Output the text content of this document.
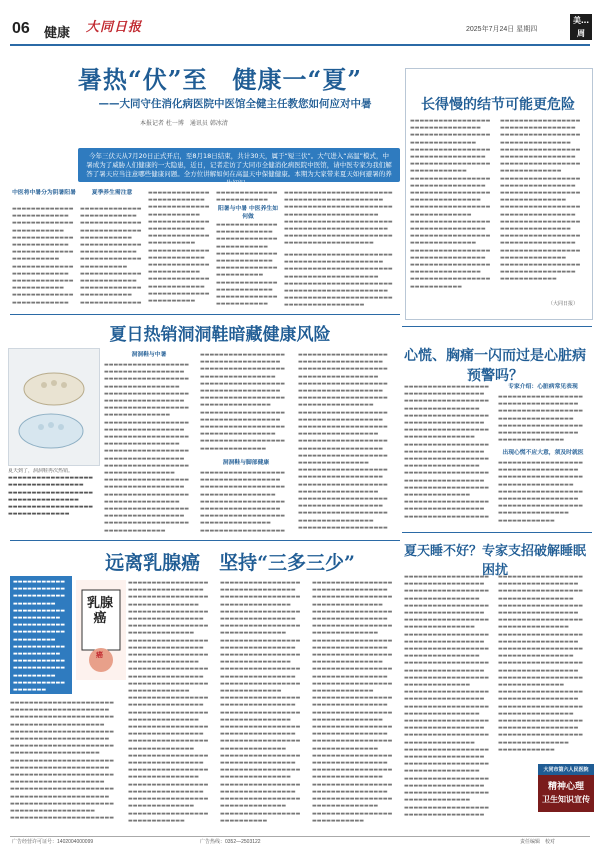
06 健康 大同日报	2025年7月24日 星期四
美…周
暑热“伏”至　健康一“夏”
——大同守住消化病医院中医馆全健主任教您如何应对中暑
本报记者 杜一博　通讯员 韩冰清

今年三伏天从7月20日正式开启，至8月18日结束，共计30天，属于“短三伏”。大气进入“高温”模式，中暑成为了威胁人们健康的一大隐患，近日，记者走访了大同市全健消化病医院中医馆，请中医专家为我们解答了暑天应当注意哪些健康问题。全方位讲解如何在高温天中保健健康。本期为大家带来夏天如何避暑的养生知识。

长得慢的结节可能更危险
▬▬▬▬▬▬▬▬▬▬▬▬▬▬▬▬▬
▬▬▬▬▬▬▬▬▬▬▬▬▬▬▬
▬▬▬▬▬▬▬▬▬▬▬▬▬▬▬▬▬
▬▬▬▬▬▬▬▬▬▬▬▬▬▬
▬▬▬▬▬▬▬▬▬▬▬▬▬▬▬▬▬
▬▬▬▬▬▬▬▬▬▬▬▬▬▬▬▬
▬▬▬▬▬▬▬▬▬▬▬▬▬▬▬▬▬
▬▬▬▬▬▬▬▬▬▬▬▬
▬▬▬▬▬▬▬▬▬▬▬▬▬▬▬▬▬
▬▬▬▬▬▬▬▬▬▬▬▬▬▬▬▬
▬▬▬▬▬▬▬▬▬▬▬▬▬▬▬▬▬
▬▬▬▬▬▬▬▬▬▬▬▬▬▬▬
▬▬▬▬▬▬▬▬▬▬▬▬▬▬▬▬▬
▬▬▬▬▬▬▬▬▬▬▬▬▬
▬▬▬▬▬▬▬▬▬▬▬▬▬▬▬▬▬
▬▬▬▬▬▬▬▬▬▬▬▬▬▬▬▬
▬▬▬▬▬▬▬▬▬▬▬▬▬▬▬▬▬
▬▬▬▬▬▬▬▬▬▬▬▬▬▬
▬▬▬▬▬▬▬▬▬▬▬▬▬▬▬▬▬
▬▬▬▬▬▬▬▬▬▬▬▬▬▬▬▬
▬▬▬▬▬▬▬▬▬▬▬▬▬▬▬▬▬
▬▬▬▬▬▬▬▬▬▬▬▬▬▬▬
▬▬▬▬▬▬▬▬▬▬▬▬▬▬▬▬▬
▬▬▬▬▬▬▬▬▬▬▬
▬▬▬▬▬▬▬▬▬▬▬▬▬▬▬▬▬
▬▬▬▬▬▬▬▬▬▬▬▬▬▬▬▬
▬▬▬▬▬▬▬▬▬▬▬▬▬▬▬▬▬
▬▬▬▬▬▬▬▬▬▬▬▬▬▬▬
▬▬▬▬▬▬▬▬▬▬▬▬▬▬▬▬▬
▬▬▬▬▬▬▬▬▬▬▬▬▬▬▬▬
▬▬▬▬▬▬▬▬▬▬▬▬▬▬▬▬▬
▬▬▬▬▬▬▬▬▬▬▬▬▬
▬▬▬▬▬▬▬▬▬▬▬▬▬▬▬▬▬
▬▬▬▬▬▬▬▬▬▬▬▬▬▬▬▬
▬▬▬▬▬▬▬▬▬▬▬▬▬▬▬▬▬
▬▬▬▬▬▬▬▬▬▬▬▬▬▬
▬▬▬▬▬▬▬▬▬▬▬▬▬▬▬▬▬
▬▬▬▬▬▬▬▬▬▬▬▬▬▬▬▬
▬▬▬▬▬▬▬▬▬▬▬▬▬▬▬▬▬
▬▬▬▬▬▬▬▬▬▬▬▬▬▬▬
▬▬▬▬▬▬▬▬▬▬▬▬▬▬▬▬▬
▬▬▬▬▬▬▬▬▬▬▬▬▬▬▬▬
▬▬▬▬▬▬▬▬▬▬▬▬▬▬▬▬▬
▬▬▬▬▬▬▬▬▬▬▬▬▬▬
▬▬▬▬▬▬▬▬▬▬▬▬▬▬▬▬▬
▬▬▬▬▬▬▬▬▬▬▬▬▬▬▬▬
▬▬▬▬▬▬▬▬▬▬▬▬
（大同日报）
中医将中暑分为阴暑阳暑
▬▬▬▬▬▬▬▬▬▬▬▬▬
▬▬▬▬▬▬▬▬▬▬▬▬
▬▬▬▬▬▬▬▬▬▬▬▬▬
▬▬▬▬▬▬▬▬▬▬▬
▬▬▬▬▬▬▬▬▬▬▬▬▬
▬▬▬▬▬▬▬▬▬▬▬▬
▬▬▬▬▬▬▬▬▬▬▬▬▬
▬▬▬▬▬▬▬▬▬▬
▬▬▬▬▬▬▬▬▬▬▬▬▬
▬▬▬▬▬▬▬▬▬▬▬▬
▬▬▬▬▬▬▬▬▬▬▬▬▬
▬▬▬▬▬▬▬▬▬▬▬
▬▬▬▬▬▬▬▬▬▬▬▬▬
▬▬▬▬▬▬▬▬▬▬▬▬
夏季养生需注意
▬▬▬▬▬▬▬▬▬▬▬▬▬
▬▬▬▬▬▬▬▬▬▬▬▬
▬▬▬▬▬▬▬▬▬▬▬▬▬
▬▬▬▬▬▬▬▬▬▬▬▬▬
▬▬▬▬▬▬▬▬▬▬▬
▬▬▬▬▬▬▬▬▬▬▬▬▬
▬▬▬▬▬▬▬▬▬▬▬▬
▬▬▬▬▬▬▬▬▬▬▬▬▬
▬▬▬▬▬▬▬▬▬▬
▬▬▬▬▬▬▬▬▬▬▬▬▬
▬▬▬▬▬▬▬▬▬▬▬▬
▬▬▬▬▬▬▬▬▬▬▬▬▬
▬▬▬▬▬▬▬▬▬▬▬
▬▬▬▬▬▬▬▬▬▬▬▬▬
▬▬▬▬▬▬▬▬▬▬▬▬▬
▬▬▬▬▬▬▬▬▬▬▬▬
▬▬▬▬▬▬▬▬▬▬▬▬▬
▬▬▬▬▬▬▬▬▬▬▬
▬▬▬▬▬▬▬▬▬▬▬▬▬
▬▬▬▬▬▬▬▬▬▬▬▬
▬▬▬▬▬▬▬▬▬▬▬▬▬
▬▬▬▬▬▬▬▬▬▬
▬▬▬▬▬▬▬▬▬▬▬▬▬
▬▬▬▬▬▬▬▬▬▬▬▬
▬▬▬▬▬▬▬▬▬▬▬▬▬
▬▬▬▬▬▬▬▬▬▬▬
▬▬▬▬▬▬▬▬▬▬▬▬▬
▬▬▬▬▬▬▬▬▬▬▬▬
▬▬▬▬▬▬▬▬▬▬▬▬▬
▬▬▬▬▬▬▬▬▬▬
阳暑与中暑 中医养生如何做
▬▬▬▬▬▬▬▬▬▬▬▬▬
▬▬▬▬▬▬▬▬▬▬▬
▬▬▬▬▬▬▬▬▬▬▬▬▬
▬▬▬▬▬▬▬▬▬▬▬▬
▬▬▬▬▬▬▬▬▬▬▬▬▬
▬▬▬▬▬▬▬▬▬▬▬
▬▬▬▬▬▬▬▬▬▬▬▬▬
▬▬▬▬▬▬▬▬▬▬▬▬
▬▬▬▬▬▬▬▬▬▬▬▬▬
▬▬▬▬▬▬▬▬▬▬
▬▬▬▬▬▬▬▬▬▬▬▬▬
▬▬▬▬▬▬▬▬▬▬▬▬
▬▬▬▬▬▬▬▬▬▬▬▬▬
▬▬▬▬▬▬▬▬▬▬▬
▬▬▬▬▬▬▬▬▬▬▬▬▬▬▬▬▬▬▬▬▬▬▬
▬▬▬▬▬▬▬▬▬▬▬▬▬▬▬▬▬▬▬▬▬
▬▬▬▬▬▬▬▬▬▬▬▬▬▬▬▬▬▬▬▬▬▬▬
▬▬▬▬▬▬▬▬▬▬▬▬▬▬▬▬▬▬▬▬
▬▬▬▬▬▬▬▬▬▬▬▬▬▬▬▬▬▬▬▬▬▬▬
▬▬▬▬▬▬▬▬▬▬▬▬▬▬▬▬▬▬▬▬▬▬
▬▬▬▬▬▬▬▬▬▬▬▬▬▬▬▬▬▬▬▬▬▬▬
▬▬▬▬▬▬▬▬▬▬▬▬▬▬▬▬▬▬▬
▬▬▬▬▬▬▬▬▬▬▬▬▬▬▬▬▬▬▬▬▬▬▬
▬▬▬▬▬▬▬▬▬▬▬▬▬▬▬▬▬▬▬▬▬
▬▬▬▬▬▬▬▬▬▬▬▬▬▬▬▬▬▬▬▬▬▬▬
▬▬▬▬▬▬▬▬▬▬▬▬▬▬▬▬▬▬▬▬
▬▬▬▬▬▬▬▬▬▬▬▬▬▬▬▬▬▬▬▬▬▬▬
▬▬▬▬▬▬▬▬▬▬▬▬▬▬▬▬▬▬▬▬▬▬
▬▬▬▬▬▬▬▬▬▬▬▬▬▬▬▬▬▬▬▬▬▬▬
▬▬▬▬▬▬▬▬▬▬▬▬▬▬▬▬▬
夏日热销洞洞鞋暗藏健康风险
夏天到了，洞洞鞋再次热销。
▬▬▬▬▬▬▬▬▬▬▬▬▬▬▬▬▬▬
▬▬▬▬▬▬▬▬▬▬▬▬▬▬▬▬
▬▬▬▬▬▬▬▬▬▬▬▬▬▬▬▬▬▬
▬▬▬▬▬▬▬▬▬▬▬▬▬▬▬
▬▬▬▬▬▬▬▬▬▬▬▬▬▬▬▬▬▬
▬▬▬▬▬▬▬▬▬▬▬▬▬
洞洞鞋与中暑
▬▬▬▬▬▬▬▬▬▬▬▬▬▬▬▬▬▬
▬▬▬▬▬▬▬▬▬▬▬▬▬▬▬▬▬
▬▬▬▬▬▬▬▬▬▬▬▬▬▬▬▬▬▬
▬▬▬▬▬▬▬▬▬▬▬▬▬▬▬▬
▬▬▬▬▬▬▬▬▬▬▬▬▬▬▬▬▬▬
▬▬▬▬▬▬▬▬▬▬▬▬▬▬▬▬▬
▬▬▬▬▬▬▬▬▬▬▬▬▬▬▬▬▬▬
▬▬▬▬▬▬▬▬▬▬▬▬▬▬
▬▬▬▬▬▬▬▬▬▬▬▬▬▬▬▬▬▬
▬▬▬▬▬▬▬▬▬▬▬▬▬▬▬▬▬
▬▬▬▬▬▬▬▬▬▬▬▬▬▬▬▬▬▬
▬▬▬▬▬▬▬▬▬▬▬▬▬▬▬▬
▬▬▬▬▬▬▬▬▬▬▬▬▬▬▬▬▬▬
▬▬▬▬▬▬▬▬▬▬▬▬▬▬▬▬▬
▬▬▬▬▬▬▬▬▬▬▬▬▬▬▬▬▬▬
▬▬▬▬▬▬▬▬▬▬▬▬▬▬▬
▬▬▬▬▬▬▬▬▬▬▬▬▬▬▬▬▬▬
▬▬▬▬▬▬▬▬▬▬▬▬▬▬▬▬▬
▬▬▬▬▬▬▬▬▬▬▬▬▬▬▬▬▬▬
▬▬▬▬▬▬▬▬▬▬▬▬▬▬▬▬
▬▬▬▬▬▬▬▬▬▬▬▬▬▬▬▬▬▬
▬▬▬▬▬▬▬▬▬▬▬▬▬▬▬▬▬
▬▬▬▬▬▬▬▬▬▬▬▬▬▬▬▬▬▬
▬▬▬▬▬▬▬▬▬▬▬▬▬
▬▬▬▬▬▬▬▬▬▬▬▬▬▬▬▬▬▬
▬▬▬▬▬▬▬▬▬▬▬▬▬▬▬▬▬
▬▬▬▬▬▬▬▬▬▬▬▬▬▬▬▬▬▬
▬▬▬▬▬▬▬▬▬▬▬▬▬▬▬▬
▬▬▬▬▬▬▬▬▬▬▬▬▬▬▬▬▬▬
▬▬▬▬▬▬▬▬▬▬▬▬▬▬▬▬▬
▬▬▬▬▬▬▬▬▬▬▬▬▬▬▬▬▬▬
▬▬▬▬▬▬▬▬▬▬▬▬▬▬▬
▬▬▬▬▬▬▬▬▬▬▬▬▬▬▬▬▬▬
▬▬▬▬▬▬▬▬▬▬▬▬▬▬▬▬▬
▬▬▬▬▬▬▬▬▬▬▬▬▬▬▬▬▬▬
▬▬▬▬▬▬▬▬▬▬▬▬▬▬▬▬
▬▬▬▬▬▬▬▬▬▬▬▬▬▬▬▬▬▬
▬▬▬▬▬▬▬▬▬▬▬▬▬▬
洞洞鞋与脚部健康
▬▬▬▬▬▬▬▬▬▬▬▬▬▬▬▬▬▬
▬▬▬▬▬▬▬▬▬▬▬▬▬▬▬▬▬
▬▬▬▬▬▬▬▬▬▬▬▬▬▬▬▬▬▬
▬▬▬▬▬▬▬▬▬▬▬▬▬▬▬▬
▬▬▬▬▬▬▬▬▬▬▬▬▬▬▬▬▬▬
▬▬▬▬▬▬▬▬▬▬▬▬▬▬▬▬▬
▬▬▬▬▬▬▬▬▬▬▬▬▬▬▬▬▬▬
▬▬▬▬▬▬▬▬▬▬▬▬▬▬▬
▬▬▬▬▬▬▬▬▬▬▬▬▬▬▬▬▬▬
▬▬▬▬▬▬▬▬▬▬▬▬▬▬▬▬▬▬▬
▬▬▬▬▬▬▬▬▬▬▬▬▬▬▬▬▬▬
▬▬▬▬▬▬▬▬▬▬▬▬▬▬▬▬▬▬▬
▬▬▬▬▬▬▬▬▬▬▬▬▬▬▬▬▬
▬▬▬▬▬▬▬▬▬▬▬▬▬▬▬▬▬▬▬
▬▬▬▬▬▬▬▬▬▬▬▬▬▬▬▬▬▬
▬▬▬▬▬▬▬▬▬▬▬▬▬▬▬▬▬▬▬
▬▬▬▬▬▬▬▬▬▬▬▬▬▬▬▬
▬▬▬▬▬▬▬▬▬▬▬▬▬▬▬▬▬▬▬
▬▬▬▬▬▬▬▬▬▬▬▬▬▬▬▬▬▬
▬▬▬▬▬▬▬▬▬▬▬▬▬▬▬▬▬▬▬
▬▬▬▬▬▬▬▬▬▬▬▬▬▬▬▬▬
▬▬▬▬▬▬▬▬▬▬▬▬▬▬▬▬▬▬▬
▬▬▬▬▬▬▬▬▬▬▬▬▬▬▬▬▬▬
▬▬▬▬▬▬▬▬▬▬▬▬▬▬▬▬▬▬▬
▬▬▬▬▬▬▬▬▬▬▬▬▬▬▬
▬▬▬▬▬▬▬▬▬▬▬▬▬▬▬▬▬▬▬
▬▬▬▬▬▬▬▬▬▬▬▬▬▬▬▬▬▬
▬▬▬▬▬▬▬▬▬▬▬▬▬▬▬▬▬▬▬
▬▬▬▬▬▬▬▬▬▬▬▬▬▬▬▬▬
▬▬▬▬▬▬▬▬▬▬▬▬▬▬▬▬▬▬▬
▬▬▬▬▬▬▬▬▬▬▬▬▬▬▬▬▬▬
▬▬▬▬▬▬▬▬▬▬▬▬▬▬▬▬▬▬▬
▬▬▬▬▬▬▬▬▬▬▬▬▬▬▬▬
▬▬▬▬▬▬▬▬▬▬▬▬▬▬▬▬▬▬▬
心慌、胸痛一闪而过是心脏病预警吗？
▬▬▬▬▬▬▬▬▬▬▬▬▬▬▬▬▬▬
▬▬▬▬▬▬▬▬▬▬▬▬▬▬▬▬▬
▬▬▬▬▬▬▬▬▬▬▬▬▬▬▬▬▬▬
▬▬▬▬▬▬▬▬▬▬▬▬▬▬▬▬
▬▬▬▬▬▬▬▬▬▬▬▬▬▬▬▬▬▬
▬▬▬▬▬▬▬▬▬▬▬▬▬▬▬▬▬
▬▬▬▬▬▬▬▬▬▬▬▬▬▬▬▬▬▬
▬▬▬▬▬▬▬▬▬▬▬▬▬▬▬
▬▬▬▬▬▬▬▬▬▬▬▬▬▬▬▬▬▬
▬▬▬▬▬▬▬▬▬▬▬▬▬▬▬▬▬
▬▬▬▬▬▬▬▬▬▬▬▬▬▬▬▬▬▬
▬▬▬▬▬▬▬▬▬▬▬▬▬▬▬▬
▬▬▬▬▬▬▬▬▬▬▬▬▬▬▬▬▬▬
▬▬▬▬▬▬▬▬▬▬▬▬▬▬▬▬▬
▬▬▬▬▬▬▬▬▬▬▬▬▬▬▬▬▬▬
▬▬▬▬▬▬▬▬▬▬▬▬▬▬
▬▬▬▬▬▬▬▬▬▬▬▬▬▬▬▬▬▬
▬▬▬▬▬▬▬▬▬▬▬▬▬▬▬▬▬
▬▬▬▬▬▬▬▬▬▬▬▬▬▬▬▬▬▬
专家介绍：心脏病常见表现
▬▬▬▬▬▬▬▬▬▬▬▬▬▬▬▬▬▬
▬▬▬▬▬▬▬▬▬▬▬▬▬▬▬▬▬
▬▬▬▬▬▬▬▬▬▬▬▬▬▬▬▬▬▬
▬▬▬▬▬▬▬▬▬▬▬▬▬▬▬▬
▬▬▬▬▬▬▬▬▬▬▬▬▬▬▬▬▬▬
▬▬▬▬▬▬▬▬▬▬▬▬▬▬▬▬▬
▬▬▬▬▬▬▬▬▬▬▬▬▬▬
出现心慌不应大意，须及时就医
▬▬▬▬▬▬▬▬▬▬▬▬▬▬▬▬▬▬
▬▬▬▬▬▬▬▬▬▬▬▬▬▬▬▬▬
▬▬▬▬▬▬▬▬▬▬▬▬▬▬▬▬▬▬
▬▬▬▬▬▬▬▬▬▬▬▬▬▬▬▬
▬▬▬▬▬▬▬▬▬▬▬▬▬▬▬▬▬▬
▬▬▬▬▬▬▬▬▬▬▬▬▬▬▬▬▬
▬▬▬▬▬▬▬▬▬▬▬▬▬▬▬▬▬▬
▬▬▬▬▬▬▬▬▬▬▬▬▬▬▬
▬▬▬▬▬▬▬▬▬▬▬▬
夏天睡不好？专家支招破解睡眠困扰
▬▬▬▬▬▬▬▬▬▬▬▬▬▬▬▬▬▬
▬▬▬▬▬▬▬▬▬▬▬▬▬▬▬▬▬
▬▬▬▬▬▬▬▬▬▬▬▬▬▬▬▬▬▬
▬▬▬▬▬▬▬▬▬▬▬▬▬▬▬▬
▬▬▬▬▬▬▬▬▬▬▬▬▬▬▬▬▬▬
▬▬▬▬▬▬▬▬▬▬▬▬▬▬▬▬▬
▬▬▬▬▬▬▬▬▬▬▬▬▬▬▬▬▬▬
▬▬▬▬▬▬▬▬▬▬▬▬▬▬▬
▬▬▬▬▬▬▬▬▬▬▬▬▬▬▬▬▬▬
▬▬▬▬▬▬▬▬▬▬▬▬▬▬▬▬▬
▬▬▬▬▬▬▬▬▬▬▬▬▬▬▬▬▬▬
▬▬▬▬▬▬▬▬▬▬▬▬▬▬▬▬
▬▬▬▬▬▬▬▬▬▬▬▬▬▬▬▬▬▬
▬▬▬▬▬▬▬▬▬▬▬▬▬▬▬▬▬
▬▬▬▬▬▬▬▬▬▬▬▬▬▬▬▬▬▬
▬▬▬▬▬▬▬▬▬▬▬▬▬▬
▬▬▬▬▬▬▬▬▬▬▬▬▬▬▬▬▬▬
▬▬▬▬▬▬▬▬▬▬▬▬▬▬▬▬▬
▬▬▬▬▬▬▬▬▬▬▬▬▬▬▬▬▬▬
▬▬▬▬▬▬▬▬▬▬▬▬▬▬▬▬
▬▬▬▬▬▬▬▬▬▬▬▬▬▬▬▬▬▬
▬▬▬▬▬▬▬▬▬▬▬▬▬▬▬▬▬
▬▬▬▬▬▬▬▬▬▬▬▬▬▬▬▬▬▬
▬▬▬▬▬▬▬▬▬▬▬▬▬▬▬
▬▬▬▬▬▬▬▬▬▬▬▬▬▬▬▬▬▬
▬▬▬▬▬▬▬▬▬▬▬▬▬▬▬▬▬
▬▬▬▬▬▬▬▬▬▬▬▬▬▬▬▬▬▬
▬▬▬▬▬▬▬▬▬▬▬▬▬▬▬▬
▬▬▬▬▬▬▬▬▬▬▬▬▬▬▬▬▬▬
▬▬▬▬▬▬▬▬▬▬▬▬▬▬▬▬▬
▬▬▬▬▬▬▬▬▬▬▬▬▬▬▬▬▬▬
▬▬▬▬▬▬▬▬▬▬▬▬▬▬
▬▬▬▬▬▬▬▬▬▬▬▬▬▬▬▬▬▬
▬▬▬▬▬▬▬▬▬▬▬▬▬▬▬▬▬
▬▬▬▬▬▬▬▬▬▬▬▬▬▬▬▬▬▬
▬▬▬▬▬▬▬▬▬▬▬▬▬▬▬▬▬
▬▬▬▬▬▬▬▬▬▬▬▬▬▬▬▬▬▬
▬▬▬▬▬▬▬▬▬▬▬▬▬▬▬▬
▬▬▬▬▬▬▬▬▬▬▬▬▬▬▬▬▬▬
▬▬▬▬▬▬▬▬▬▬▬▬▬▬▬▬▬
▬▬▬▬▬▬▬▬▬▬▬▬▬▬▬▬▬▬
▬▬▬▬▬▬▬▬▬▬▬▬▬▬▬
▬▬▬▬▬▬▬▬▬▬▬▬▬▬▬▬▬▬
▬▬▬▬▬▬▬▬▬▬▬▬▬▬▬▬▬
▬▬▬▬▬▬▬▬▬▬▬▬▬▬▬▬▬▬
▬▬▬▬▬▬▬▬▬▬▬▬▬▬▬▬
▬▬▬▬▬▬▬▬▬▬▬▬▬▬▬▬▬▬
▬▬▬▬▬▬▬▬▬▬▬▬▬▬▬▬▬
▬▬▬▬▬▬▬▬▬▬▬▬▬▬▬▬▬▬
▬▬▬▬▬▬▬▬▬▬▬▬▬▬
▬▬▬▬▬▬▬▬▬▬▬▬▬▬▬▬▬▬
▬▬▬▬▬▬▬▬▬▬▬▬▬▬▬▬▬
▬▬▬▬▬▬▬▬▬▬▬▬▬▬▬▬▬▬
▬▬▬▬▬▬▬▬▬▬▬▬▬▬▬▬
▬▬▬▬▬▬▬▬▬▬▬▬▬▬▬▬▬▬
▬▬▬▬▬▬▬▬▬▬▬▬▬▬▬▬▬
▬▬▬▬▬▬▬▬▬▬▬▬▬▬▬▬▬▬
▬▬▬▬▬▬▬▬▬▬▬▬▬▬▬
▬▬▬▬▬▬▬▬▬▬▬▬
大同市第六人民医院
精神心理
卫生知识宣传
远离乳腺癌　坚持“三多三少”
▬▬▬▬▬▬▬▬▬▬▬
▬▬▬▬▬▬▬▬▬▬▬
▬▬▬▬▬▬▬▬▬▬▬
▬▬▬▬▬▬▬▬▬
▬▬▬▬▬▬▬▬▬▬▬
▬▬▬▬▬▬▬▬▬▬
▬▬▬▬▬▬▬▬▬▬▬
▬▬▬▬▬▬▬▬▬▬▬
▬▬▬▬▬▬▬▬▬
▬▬▬▬▬▬▬▬▬▬▬
▬▬▬▬▬▬▬▬▬▬
▬▬▬▬▬▬▬▬▬▬▬
▬▬▬▬▬▬▬▬▬▬▬
▬▬▬▬▬▬▬▬▬
▬▬▬▬▬▬▬▬▬▬▬
▬▬▬▬▬▬▬
乳腺癌
癌
▬▬▬▬▬▬▬▬▬▬▬▬▬▬▬▬▬▬▬▬▬▬
▬▬▬▬▬▬▬▬▬▬▬▬▬▬▬▬▬▬▬▬▬
▬▬▬▬▬▬▬▬▬▬▬▬▬▬▬▬▬▬▬▬▬▬
▬▬▬▬▬▬▬▬▬▬▬▬▬▬▬▬▬▬▬▬
▬▬▬▬▬▬▬▬▬▬▬▬▬▬▬▬▬▬▬▬▬▬
▬▬▬▬▬▬▬▬▬▬▬▬▬▬▬▬▬▬▬▬▬
▬▬▬▬▬▬▬▬▬▬▬▬▬▬▬▬▬▬▬▬▬▬
▬▬▬▬▬▬▬▬▬▬▬▬▬▬▬▬▬▬▬
▬▬▬▬▬▬▬▬▬▬▬▬▬▬▬▬▬▬▬▬▬▬
▬▬▬▬▬▬▬▬▬▬▬▬▬▬▬▬▬▬▬▬▬
▬▬▬▬▬▬▬▬▬▬▬▬▬▬▬▬▬▬▬▬▬▬
▬▬▬▬▬▬▬▬▬▬▬▬▬▬▬▬▬▬▬▬
▬▬▬▬▬▬▬▬▬▬▬▬▬▬▬▬▬▬▬▬▬▬
▬▬▬▬▬▬▬▬▬▬▬▬▬▬▬▬▬▬▬▬▬
▬▬▬▬▬▬▬▬▬▬▬▬▬▬▬▬▬▬▬▬▬▬
▬▬▬▬▬▬▬▬▬▬▬▬▬▬▬▬▬▬
▬▬▬▬▬▬▬▬▬▬▬▬▬▬▬▬▬▬▬▬▬▬
▬▬▬▬▬▬▬▬▬▬▬▬▬▬▬▬▬
▬▬▬▬▬▬▬▬▬▬▬▬▬▬▬▬
▬▬▬▬▬▬▬▬▬▬▬▬▬▬▬▬▬
▬▬▬▬▬▬▬▬▬▬▬▬▬▬▬
▬▬▬▬▬▬▬▬▬▬▬▬▬▬▬▬▬
▬▬▬▬▬▬▬▬▬▬▬▬▬▬▬▬
▬▬▬▬▬▬▬▬▬▬▬▬▬▬▬▬▬
▬▬▬▬▬▬▬▬▬▬▬▬▬▬
▬▬▬▬▬▬▬▬▬▬▬▬▬▬▬▬▬
▬▬▬▬▬▬▬▬▬▬▬▬▬▬▬▬
▬▬▬▬▬▬▬▬▬▬▬▬▬▬▬▬▬
▬▬▬▬▬▬▬▬▬▬▬▬▬▬▬
▬▬▬▬▬▬▬▬▬▬▬▬▬▬▬▬▬
▬▬▬▬▬▬▬▬▬▬▬▬▬▬▬▬
▬▬▬▬▬▬▬▬▬▬▬▬▬▬▬▬▬
▬▬▬▬▬▬▬▬▬▬▬▬▬
▬▬▬▬▬▬▬▬▬▬▬▬▬▬▬▬▬
▬▬▬▬▬▬▬▬▬▬▬▬▬▬▬▬
▬▬▬▬▬▬▬▬▬▬▬▬▬▬▬▬▬
▬▬▬▬▬▬▬▬▬▬▬▬▬▬▬
▬▬▬▬▬▬▬▬▬▬▬▬▬▬▬▬▬
▬▬▬▬▬▬▬▬▬▬▬▬▬▬▬▬
▬▬▬▬▬▬▬▬▬▬▬▬▬▬▬▬▬
▬▬▬▬▬▬▬▬▬▬▬▬▬▬
▬▬▬▬▬▬▬▬▬▬▬▬▬▬▬▬▬
▬▬▬▬▬▬▬▬▬▬▬▬▬▬▬▬
▬▬▬▬▬▬▬▬▬▬▬▬▬▬▬▬▬
▬▬▬▬▬▬▬▬▬▬▬▬▬▬▬
▬▬▬▬▬▬▬▬▬▬▬▬▬▬▬▬▬
▬▬▬▬▬▬▬▬▬▬▬▬▬▬▬▬
▬▬▬▬▬▬▬▬▬▬▬▬▬▬▬▬▬
▬▬▬▬▬▬▬▬▬▬▬▬▬▬
▬▬▬▬▬▬▬▬▬▬▬▬▬▬▬▬▬
▬▬▬▬▬▬▬▬▬▬▬▬
▬▬▬▬▬▬▬▬▬▬▬▬▬▬▬▬▬
▬▬▬▬▬▬▬▬▬▬▬▬▬▬▬▬
▬▬▬▬▬▬▬▬▬▬▬▬▬▬▬▬▬
▬▬▬▬▬▬▬▬▬▬▬▬▬▬▬
▬▬▬▬▬▬▬▬▬▬▬▬▬▬▬▬▬
▬▬▬▬▬▬▬▬▬▬▬▬▬▬▬▬
▬▬▬▬▬▬▬▬▬▬▬▬▬▬▬▬▬
▬▬▬▬▬▬▬▬▬▬▬▬▬▬
▬▬▬▬▬▬▬▬▬▬▬▬▬▬▬▬▬
▬▬▬▬▬▬▬▬▬▬▬▬▬▬▬▬
▬▬▬▬▬▬▬▬▬▬▬▬▬▬▬▬▬
▬▬▬▬▬▬▬▬▬▬▬▬▬▬▬
▬▬▬▬▬▬▬▬▬▬▬▬▬▬▬▬▬
▬▬▬▬▬▬▬▬▬▬▬▬▬▬▬▬
▬▬▬▬▬▬▬▬▬▬▬▬▬▬▬▬▬
▬▬▬▬▬▬▬▬▬▬▬▬▬
▬▬▬▬▬▬▬▬▬▬▬▬▬▬▬▬▬
▬▬▬▬▬▬▬▬▬▬▬▬▬▬▬▬
▬▬▬▬▬▬▬▬▬▬▬▬▬▬▬▬▬
▬▬▬▬▬▬▬▬▬▬▬▬▬▬▬
▬▬▬▬▬▬▬▬▬▬▬▬▬▬▬▬▬
▬▬▬▬▬▬▬▬▬▬▬▬▬▬▬▬
▬▬▬▬▬▬▬▬▬▬▬▬▬▬▬▬▬
▬▬▬▬▬▬▬▬▬▬▬▬▬▬
▬▬▬▬▬▬▬▬▬▬▬▬▬▬▬▬▬
▬▬▬▬▬▬▬▬▬▬▬▬▬▬▬▬
▬▬▬▬▬▬▬▬▬▬▬▬▬▬▬▬▬
▬▬▬▬▬▬▬▬▬▬▬▬▬▬▬
▬▬▬▬▬▬▬▬▬▬▬▬▬▬▬▬▬
▬▬▬▬▬▬▬▬▬▬▬▬▬▬▬▬
▬▬▬▬▬▬▬▬▬▬▬▬▬▬▬▬▬
▬▬▬▬▬▬▬▬▬▬▬▬▬▬
▬▬▬▬▬▬▬▬▬▬▬▬▬▬▬▬▬
▬▬▬▬▬▬▬▬▬▬
▬▬▬▬▬▬▬▬▬▬▬▬▬▬▬▬▬
▬▬▬▬▬▬▬▬▬▬▬▬▬▬▬▬
▬▬▬▬▬▬▬▬▬▬▬▬▬▬▬▬▬
▬▬▬▬▬▬▬▬▬▬▬▬▬▬▬
▬▬▬▬▬▬▬▬▬▬▬▬▬▬▬▬▬
▬▬▬▬▬▬▬▬▬▬▬▬▬▬▬▬
▬▬▬▬▬▬▬▬▬▬▬▬▬▬▬▬▬
▬▬▬▬▬▬▬▬▬▬▬▬▬▬
▬▬▬▬▬▬▬▬▬▬▬▬▬▬▬▬▬
▬▬▬▬▬▬▬▬▬▬▬▬▬▬▬▬
▬▬▬▬▬▬▬▬▬▬▬▬▬▬▬▬▬
▬▬▬▬▬▬▬▬▬▬▬▬▬▬▬
▬▬▬▬▬▬▬▬▬▬▬▬▬▬▬▬▬
▬▬▬▬▬▬▬▬▬▬▬▬▬▬▬▬
▬▬▬▬▬▬▬▬▬▬▬▬▬▬▬▬▬
▬▬▬▬▬▬▬▬▬▬▬▬▬
▬▬▬▬▬▬▬▬▬▬▬▬▬▬▬▬▬
▬▬▬▬▬▬▬▬▬▬▬▬▬▬▬▬
▬▬▬▬▬▬▬▬▬▬▬▬▬▬▬▬▬
▬▬▬▬▬▬▬▬▬▬▬▬▬▬▬
▬▬▬▬▬▬▬▬▬▬▬▬▬▬▬▬▬
▬▬▬▬▬▬▬▬▬▬▬▬▬▬▬▬
▬▬▬▬▬▬▬▬▬▬▬▬▬▬▬▬▬
▬▬▬▬▬▬▬▬▬▬▬▬▬▬
▬▬▬▬▬▬▬▬▬▬▬▬▬▬▬▬▬
▬▬▬▬▬▬▬▬▬▬▬▬▬▬▬▬
▬▬▬▬▬▬▬▬▬▬▬▬▬▬▬▬▬
▬▬▬▬▬▬▬▬▬▬▬▬▬▬▬
▬▬▬▬▬▬▬▬▬▬▬▬▬▬▬▬▬
▬▬▬▬▬▬▬▬▬▬▬▬▬▬▬▬
▬▬▬▬▬▬▬▬▬▬▬▬▬▬▬▬▬
▬▬▬▬▬▬▬▬▬▬▬▬▬▬
▬▬▬▬▬▬▬▬▬▬▬▬▬▬▬▬▬
▬▬▬▬▬▬▬▬▬▬▬
广告经营许可证号：1402004000099	广告热线：0352—2503122	责任编辑　校对
